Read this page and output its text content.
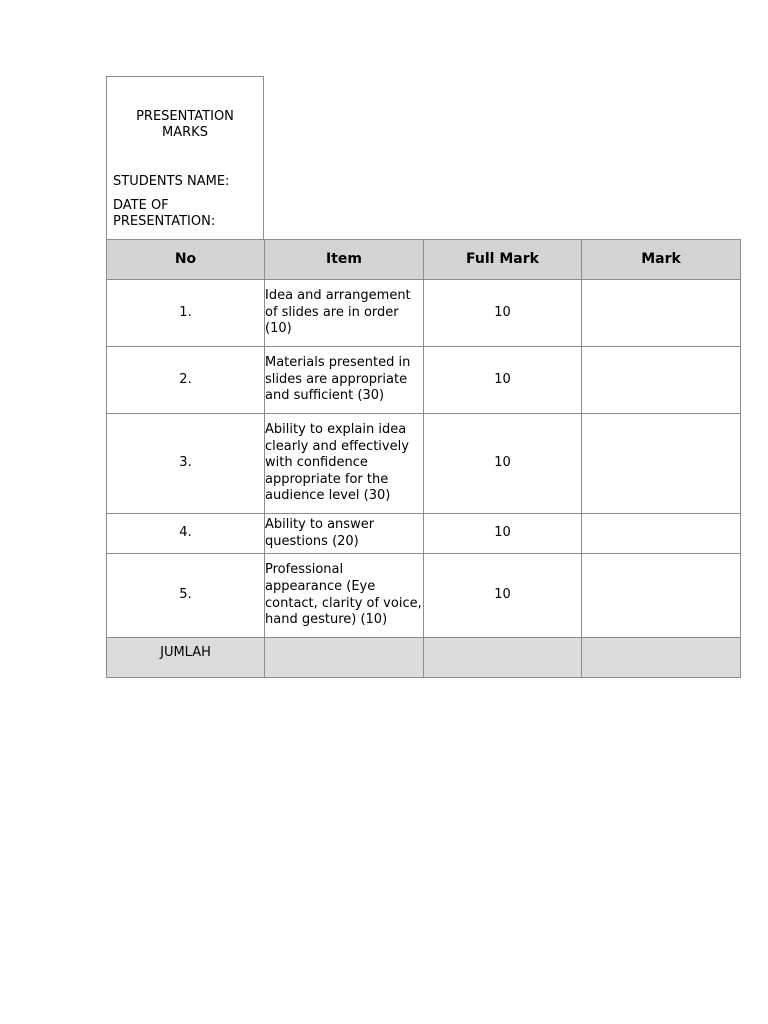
PRESENTATION MARKS
STUDENTS NAME:
DATE OF PRESENTATION:
No	Item	Full Mark	Mark
1.	Idea and arrangement of slides are in order (10)	10	
2.	Materials presented in slides are appropriate and sufficient (30)	10	
3.	Ability to explain idea clearly and effectively with confidence appropriate for the audience level (30)	10	
4.	Ability to answer questions (20)	10	
5.	Professional appearance (Eye contact, clarity of voice, hand gesture) (10)	10	
JUMLAH			
